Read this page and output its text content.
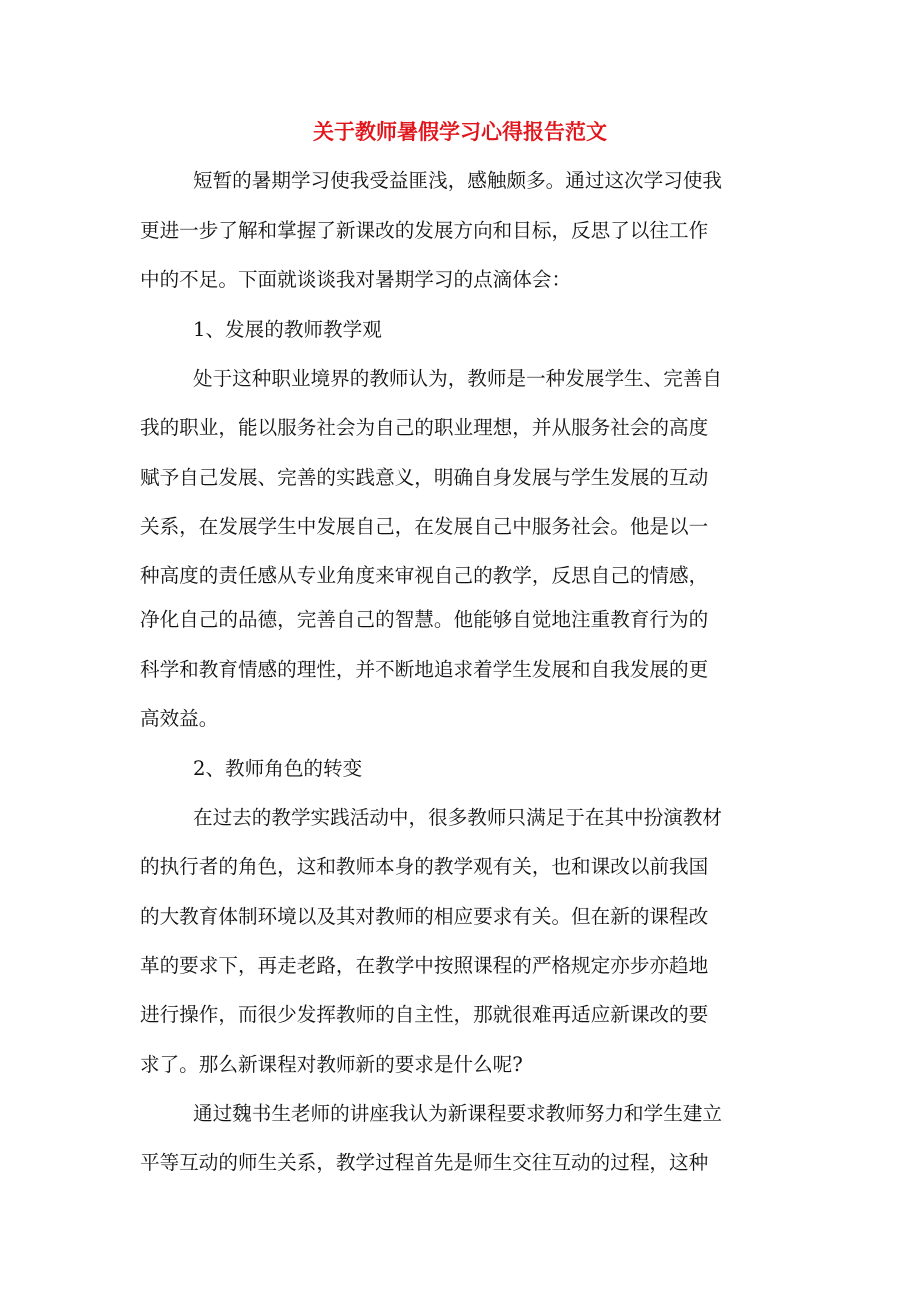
关于教师暑假学习心得报告范文

短暂的暑期学习使我受益匪浅，感触颇多。通过这次学习使我

更进一步了解和掌握了新课改的发展方向和目标，反思了以往工作

中的不足。下面就谈谈我对暑期学习的点滴体会：

1、发展的教师教学观

处于这种职业境界的教师认为，教师是一种发展学生、完善自

我的职业，能以服务社会为自己的职业理想，并从服务社会的高度

赋予自己发展、完善的实践意义，明确自身发展与学生发展的互动

关系，在发展学生中发展自己，在发展自己中服务社会。他是以一

种高度的责任感从专业角度来审视自己的教学，反思自己的情感，

净化自己的品德，完善自己的智慧。他能够自觉地注重教育行为的

科学和教育情感的理性，并不断地追求着学生发展和自我发展的更

高效益。

2、教师角色的转变

在过去的教学实践活动中，很多教师只满足于在其中扮演教材

的执行者的角色，这和教师本身的教学观有关，也和课改以前我国

的大教育体制环境以及其对教师的相应要求有关。但在新的课程改

革的要求下，再走老路，在教学中按照课程的严格规定亦步亦趋地

进行操作，而很少发挥教师的自主性，那就很难再适应新课改的要

求了。那么新课程对教师新的要求是什么呢?

通过魏书生老师的讲座我认为新课程要求教师努力和学生建立

平等互动的师生关系，教学过程首先是师生交往互动的过程，这种
